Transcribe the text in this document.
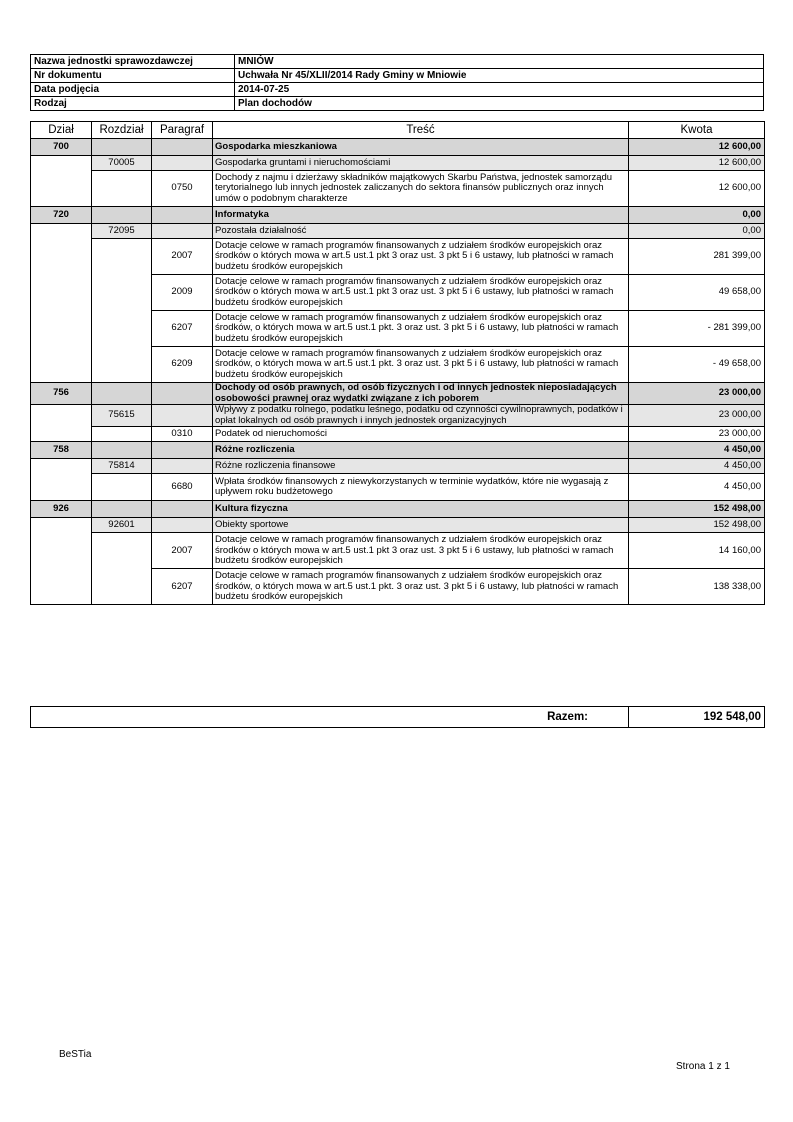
Nazwa jednostki sprawozdawczej	MNIÓW
Nr dokumentu	Uchwała Nr 45/XLII/2014 Rady Gminy w Mniowie
Data podjęcia	2014-07-25
Rodzaj	Plan dochodów
Dział	Rozdział	Paragraf	Treść	Kwota
700			Gospodarka mieszkaniowa	12 600,00
	70005		Gospodarka gruntami i nieruchomościami	12 600,00
		0750	Dochody z najmu i dzierżawy składników majątkowych Skarbu Państwa, jednostek samorządu terytorialnego lub innych jednostek zaliczanych do sektora finansów publicznych oraz innych umów o podobnym charakterze	12 600,00
720			Informatyka	0,00
	72095		Pozostała działalność	0,00
		2007	Dotacje celowe w ramach programów finansowanych z udziałem środków europejskich oraz środków o których mowa w art.5 ust.1 pkt 3 oraz ust. 3 pkt 5 i 6 ustawy, lub płatności w ramach budżetu środków europejskich	281 399,00
		2009	Dotacje celowe w ramach programów finansowanych z udziałem środków europejskich oraz środków o których mowa w art.5 ust.1 pkt 3 oraz ust. 3 pkt 5 i 6 ustawy, lub płatności w ramach budżetu środków europejskich	49 658,00
		6207	Dotacje celowe w ramach programów finansowanych z udziałem środków europejskich oraz środków, o których mowa w art.5 ust.1 pkt. 3 oraz ust. 3 pkt 5 i 6 ustawy, lub płatności w ramach budżetu środków europejskich	- 281 399,00
		6209	Dotacje celowe w ramach programów finansowanych z udziałem środków europejskich oraz środków, o których mowa w art.5 ust.1 pkt. 3 oraz ust. 3 pkt 5 i 6 ustawy, lub płatności w ramach budżetu środków europejskich	- 49 658,00
756			Dochody od osób prawnych, od osób fizycznych i od innych jednostek nieposiadających osobowości prawnej oraz wydatki związane z ich poborem	23 000,00
	75615		Wpływy z podatku rolnego, podatku leśnego, podatku od czynności cywilnoprawnych, podatków i opłat lokalnych od osób prawnych i innych jednostek organizacyjnych	23 000,00
		0310	Podatek od nieruchomości	23 000,00
758			Różne rozliczenia	4 450,00
	75814		Różne rozliczenia finansowe	4 450,00
		6680	Wpłata środków finansowych z niewykorzystanych w terminie wydatków, które nie wygasają z upływem roku budżetowego	4 450,00
926			Kultura fizyczna	152 498,00
	92601		Obiekty sportowe	152 498,00
		2007	Dotacje celowe w ramach programów finansowanych z udziałem środków europejskich oraz środków o których mowa w art.5 ust.1 pkt 3 oraz ust. 3 pkt 5 i 6 ustawy, lub płatności w ramach budżetu środków europejskich	14 160,00
		6207	Dotacje celowe w ramach programów finansowanych z udziałem środków europejskich oraz środków, o których mowa w art.5 ust.1 pkt. 3 oraz ust. 3 pkt 5 i 6 ustawy, lub płatności w ramach budżetu środków europejskich	138 338,00
Razem:	192 548,00
BeSTia
Strona 1 z 1
